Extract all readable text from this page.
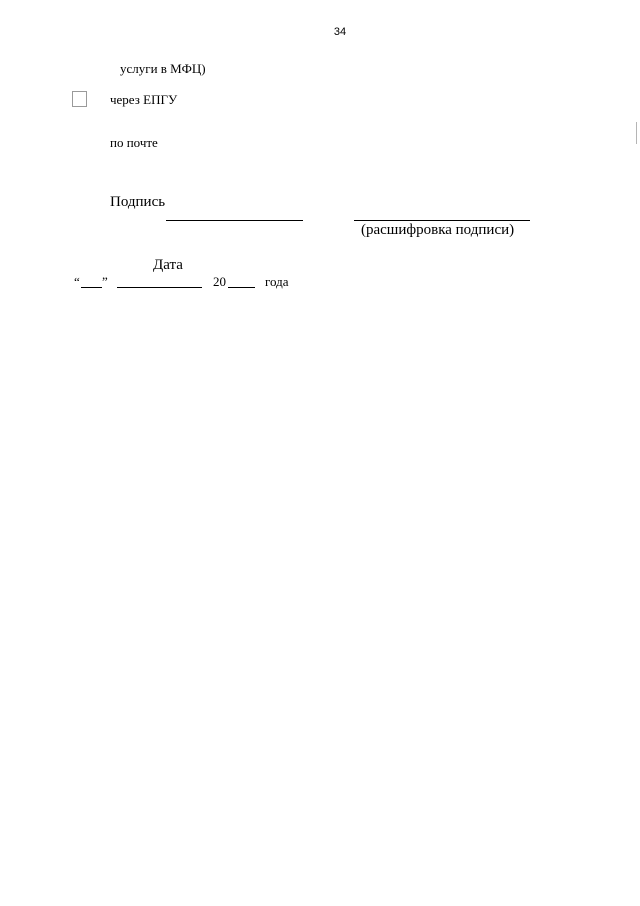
34
услуги в МФЦ)
через ЕПГУ
по почте
Подпись
(расшифровка подписи)
Дата
“ ”	20	года
